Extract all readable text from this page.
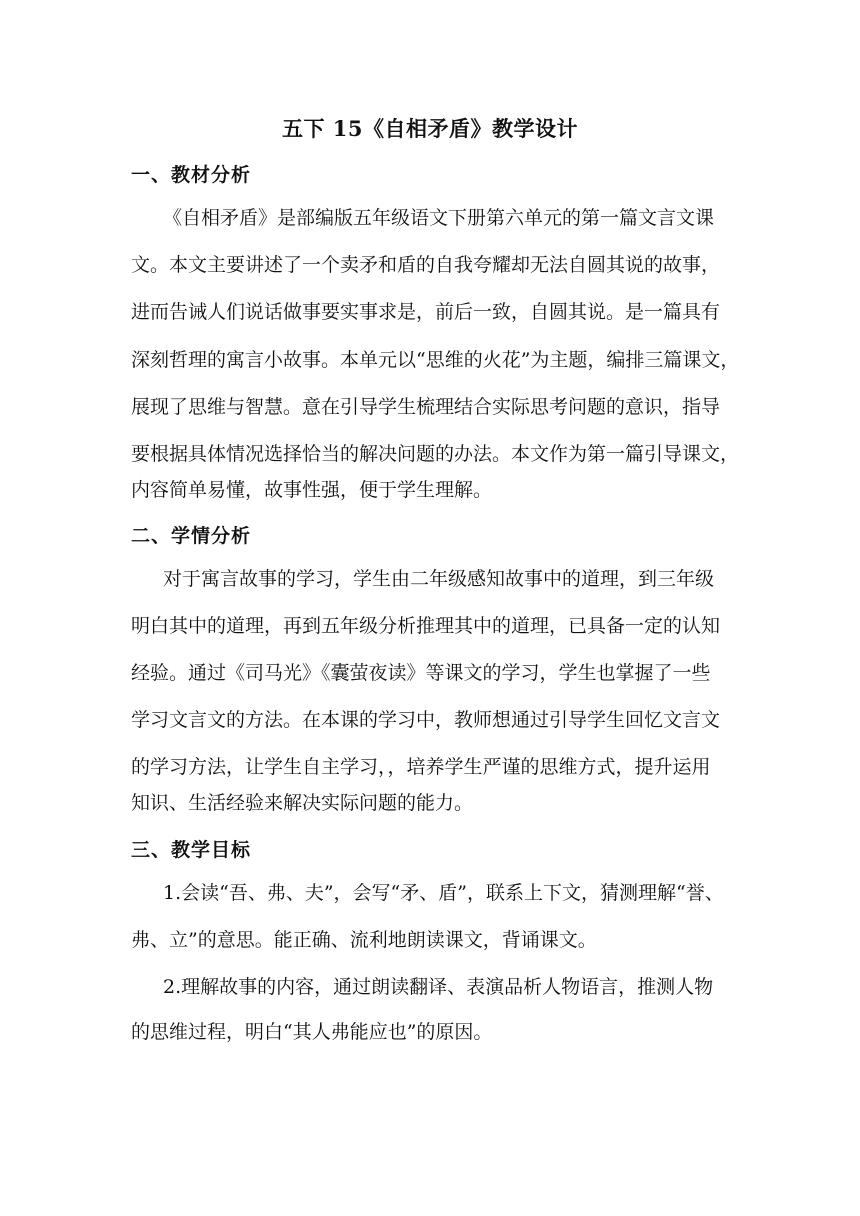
五下 15《自相矛盾》教学设计
一、教材分析
《自相矛盾》是部编版五年级语文下册第六单元的第一篇文言文课
文。本文主要讲述了一个卖矛和盾的自我夸耀却无法自圆其说的故事，
进而告诫人们说话做事要实事求是，前后一致，自圆其说。是一篇具有
深刻哲理的寓言小故事。本单元以“思维的火花”为主题，编排三篇课文，
展现了思维与智慧。意在引导学生梳理结合实际思考问题的意识，指导
要根据具体情况选择恰当的解决问题的办法。本文作为第一篇引导课文，
内容简单易懂，故事性强，便于学生理解。
二、学情分析
对于寓言故事的学习，学生由二年级感知故事中的道理，到三年级
明白其中的道理，再到五年级分析推理其中的道理，已具备一定的认知
经验。通过《司马光》《囊萤夜读》等课文的学习，学生也掌握了一些
学习文言文的方法。在本课的学习中，教师想通过引导学生回忆文言文
的学习方法，让学生自主学习，，培养学生严谨的思维方式，提升运用
知识、生活经验来解决实际问题的能力。
三、教学目标
1.会读“吾、弗、夫”，会写“矛、盾”，联系上下文，猜测理解“誉、
弗、立”的意思。能正确、流利地朗读课文，背诵课文。
2.理解故事的内容，通过朗读翻译、表演品析人物语言，推测人物
的思维过程，明白“其人弗能应也”的原因。
